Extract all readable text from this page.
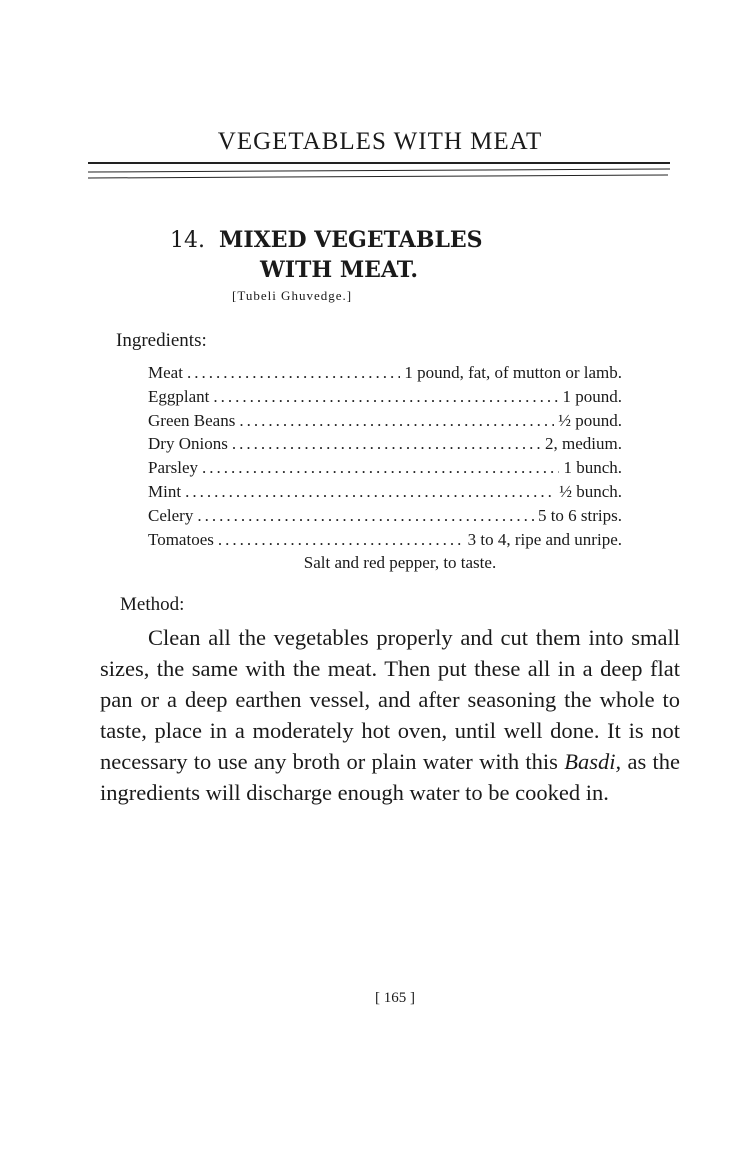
VEGETABLES WITH MEAT
14. MIXED VEGETABLES
WITH MEAT.
[Tubeli Ghuvedge.]
Ingredients:
Meat .....	1 pound, fat, of mutton or lamb.
Eggplant .....	1 pound.
Green Beans .....	½ pound.
Dry Onions .....	2, medium.
Parsley .....	1 bunch.
Mint .....	½ bunch.
Celery .....	5 to 6 strips.
Tomatoes .....	3 to 4, ripe and unripe.
Salt and red pepper, to taste.
Method:
Clean all the vegetables properly and cut them into small sizes, the same with the meat. Then put these all in a deep flat pan or a deep earthen vessel, and after seasoning the whole to taste, place in a moderately hot oven, until well done. It is not necessary to use any broth or plain water with this Basdi, as the ingredients will discharge enough water to be cooked in.
[ 165 ]
